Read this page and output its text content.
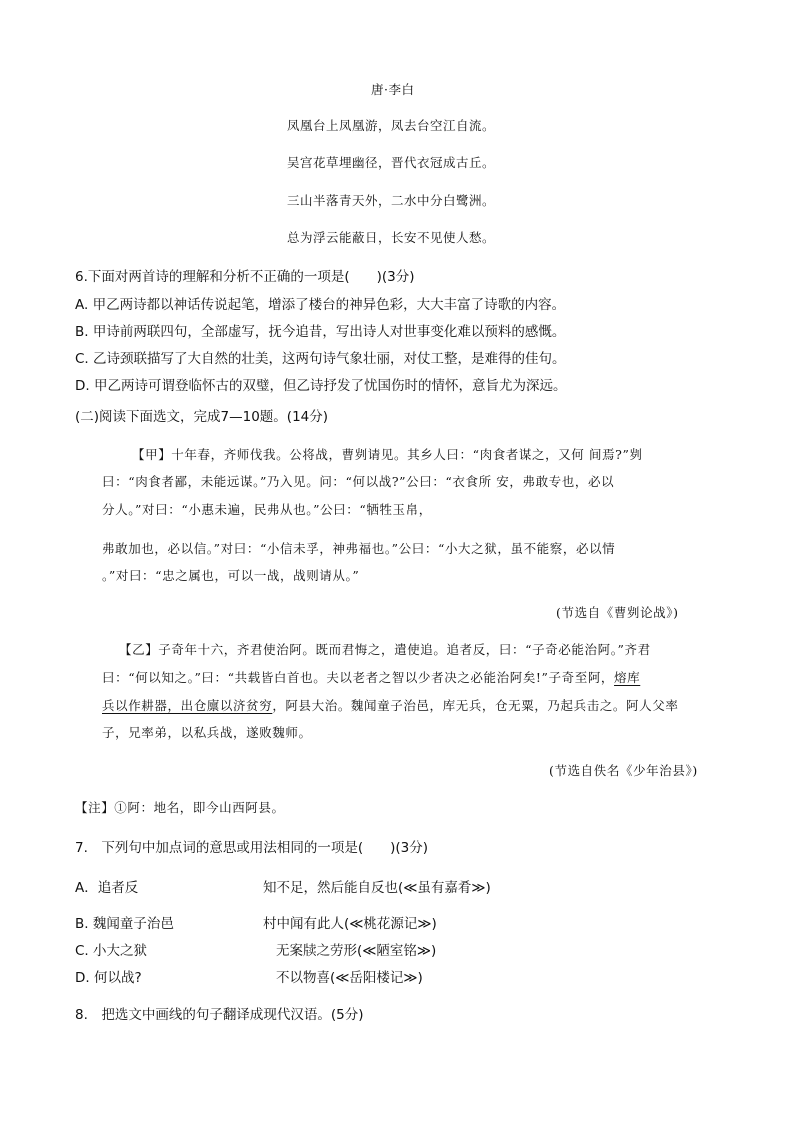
唐·李白
凤凰台上凤凰游，凤去台空江自流。
吴宫花草埋幽径，晋代衣冠成古丘。
三山半落青天外，二水中分白鹭洲。
总为浮云能蔽日，长安不见使人愁。
6.下面对两首诗的理解和分析不正确的一项是(　　)(3分)
A. 甲乙两诗都以神话传说起笔，增添了楼台的神异色彩，大大丰富了诗歌的内容。
B. 甲诗前两联四句，全部虚写，抚今追昔，写出诗人对世事变化难以预料的感慨。
C. 乙诗颈联描写了大自然的壮美，这两句诗气象壮丽，对仗工整，是难得的佳句。
D. 甲乙两诗可谓登临怀古的双璧，但乙诗抒发了忧国伤时的情怀，意旨尤为深远。
(二)阅读下面选文，完成7—10题。(14分)
【甲】十年春，齐师伐我。公将战，曹刿请见。其乡人曰：“肉食者谋之，又何 间焉?”刿
曰：“肉食者鄙，未能远谋。”乃入见。问：“何以战?”公曰：“衣食所 安，弗敢专也，必以
分人。”对曰：“小惠未遍，民弗从也。”公曰：“牺牲玉帛，
弗敢加也，必以信。”对曰：“小信未孚，神弗福也。”公曰：“小大之狱，虽不能察，必以情
。”对曰：“忠之属也，可以一战，战则请从。”
(节选自《曹刿论战》)
【乙】子奇年十六，齐君使治阿。既而君悔之，遣使追。追者反，曰：“子奇必能治阿。”齐君
曰：“何以知之。”曰：“共载皆白首也。夫以老者之智以少者决之必能治阿矣!”子奇至阿，熔库
兵以作耕器，出仓廪以济贫穷，阿县大治。魏闻童子治邑，库无兵，仓无粟，乃起兵击之。阿人父率
子，兄率弟，以私兵战，遂败魏师。
(节选自佚名《少年治县》)
【注】①阿：地名，即今山西阿县。
7.　下列句中加点词的意思或用法相同的一项是(　　)(3分)
A．追者反	知不足，然后能自反也(≪虽有嘉肴≫)
B. 魏闻童子治邑	村中闻有此人(≪桃花源记≫)
C. 小大之狱	无案牍之劳形(≪陋室铭≫)
D. 何以战?	不以物喜(≪岳阳楼记≫)
8.　把选文中画线的句子翻译成现代汉语。(5分)
